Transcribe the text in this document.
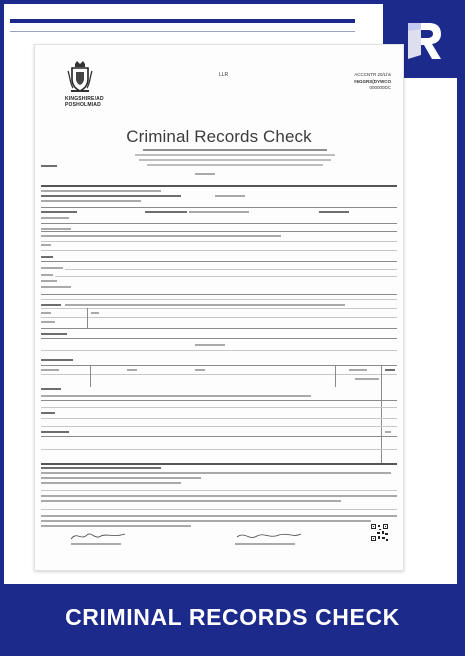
KINGSHIRE/AD
POSHOLMIAD
LLR	ACCCNTR 20/Lhs
#6GGRS(DYWCO
000000DC
Criminal Records Check
CRIMINAL RECORDS CHECK
